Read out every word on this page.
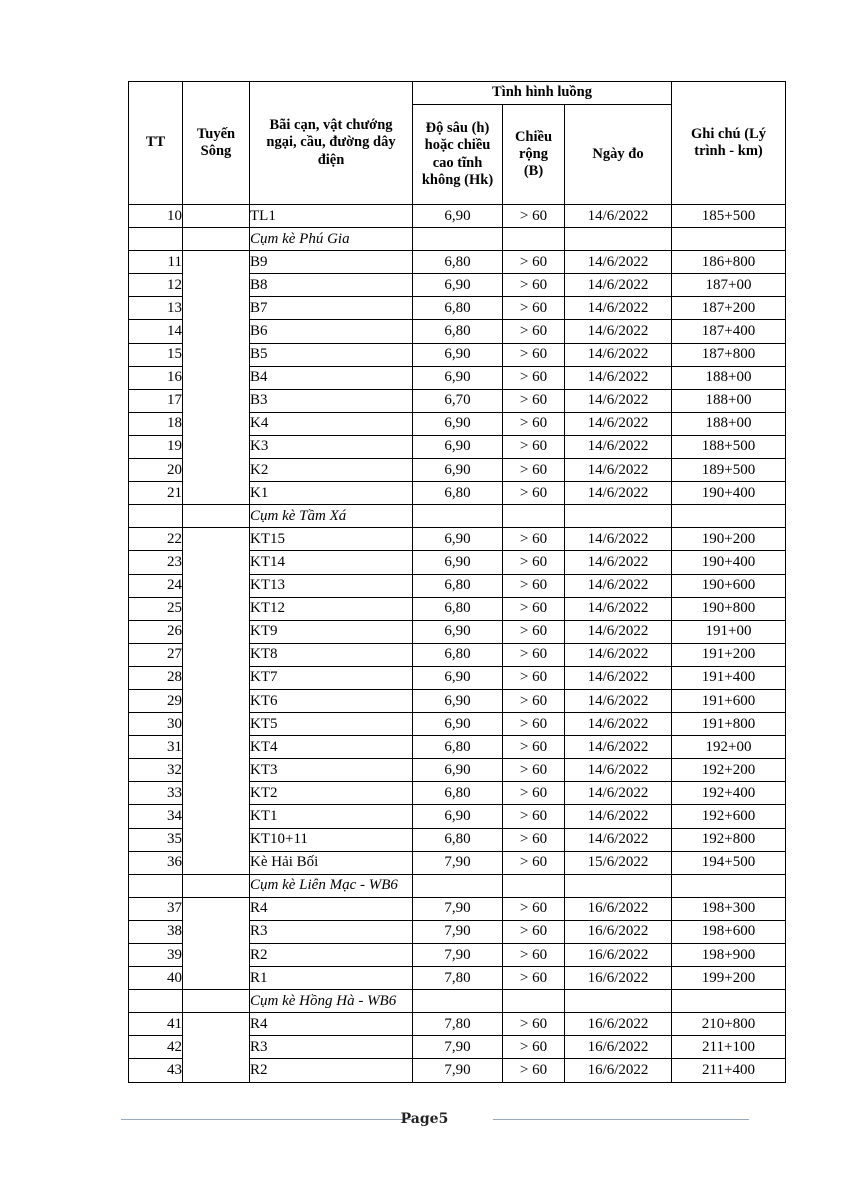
TT	Tuyến Sông	Bãi cạn, vật chướng ngại, cầu, đường dây điện	Tình hình luồng			Ghi chú (Lý trình - km)
			Độ sâu (h) hoặc chiều cao tĩnh không (Hk)	Chiều rộng (B)	Ngày đo	
10		TL1	6,90	> 60	14/6/2022	185+500
		Cụm kè Phú Gia				
11		B9	6,80	> 60	14/6/2022	186+800
12		B8	6,90	> 60	14/6/2022	187+00
13		B7	6,80	> 60	14/6/2022	187+200
14		B6	6,80	> 60	14/6/2022	187+400
15		B5	6,90	> 60	14/6/2022	187+800
16		B4	6,90	> 60	14/6/2022	188+00
17		B3	6,70	> 60	14/6/2022	188+00
18		K4	6,90	> 60	14/6/2022	188+00
19		K3	6,90	> 60	14/6/2022	188+500
20		K2	6,90	> 60	14/6/2022	189+500
21		K1	6,80	> 60	14/6/2022	190+400
		Cụm kè Tầm Xá				
22		KT15	6,90	> 60	14/6/2022	190+200
23		KT14	6,90	> 60	14/6/2022	190+400
24		KT13	6,80	> 60	14/6/2022	190+600
25		KT12	6,80	> 60	14/6/2022	190+800
26		KT9	6,90	> 60	14/6/2022	191+00
27		KT8	6,80	> 60	14/6/2022	191+200
28		KT7	6,90	> 60	14/6/2022	191+400
29		KT6	6,90	> 60	14/6/2022	191+600
30		KT5	6,90	> 60	14/6/2022	191+800
31		KT4	6,80	> 60	14/6/2022	192+00
32		KT3	6,90	> 60	14/6/2022	192+200
33		KT2	6,80	> 60	14/6/2022	192+400
34		KT1	6,90	> 60	14/6/2022	192+600
35		KT10+11	6,80	> 60	14/6/2022	192+800
36		Kè Hải Bối	7,90	> 60	15/6/2022	194+500
		Cụm kè Liên Mạc - WB6				
37		R4	7,90	> 60	16/6/2022	198+300
38		R3	7,90	> 60	16/6/2022	198+600
39		R2	7,90	> 60	16/6/2022	198+900
40		R1	7,80	> 60	16/6/2022	199+200
		Cụm kè Hồng Hà - WB6				
41		R4	7,80	> 60	16/6/2022	210+800
42		R3	7,90	> 60	16/6/2022	211+100
43		R2	7,90	> 60	16/6/2022	211+400
Page5
